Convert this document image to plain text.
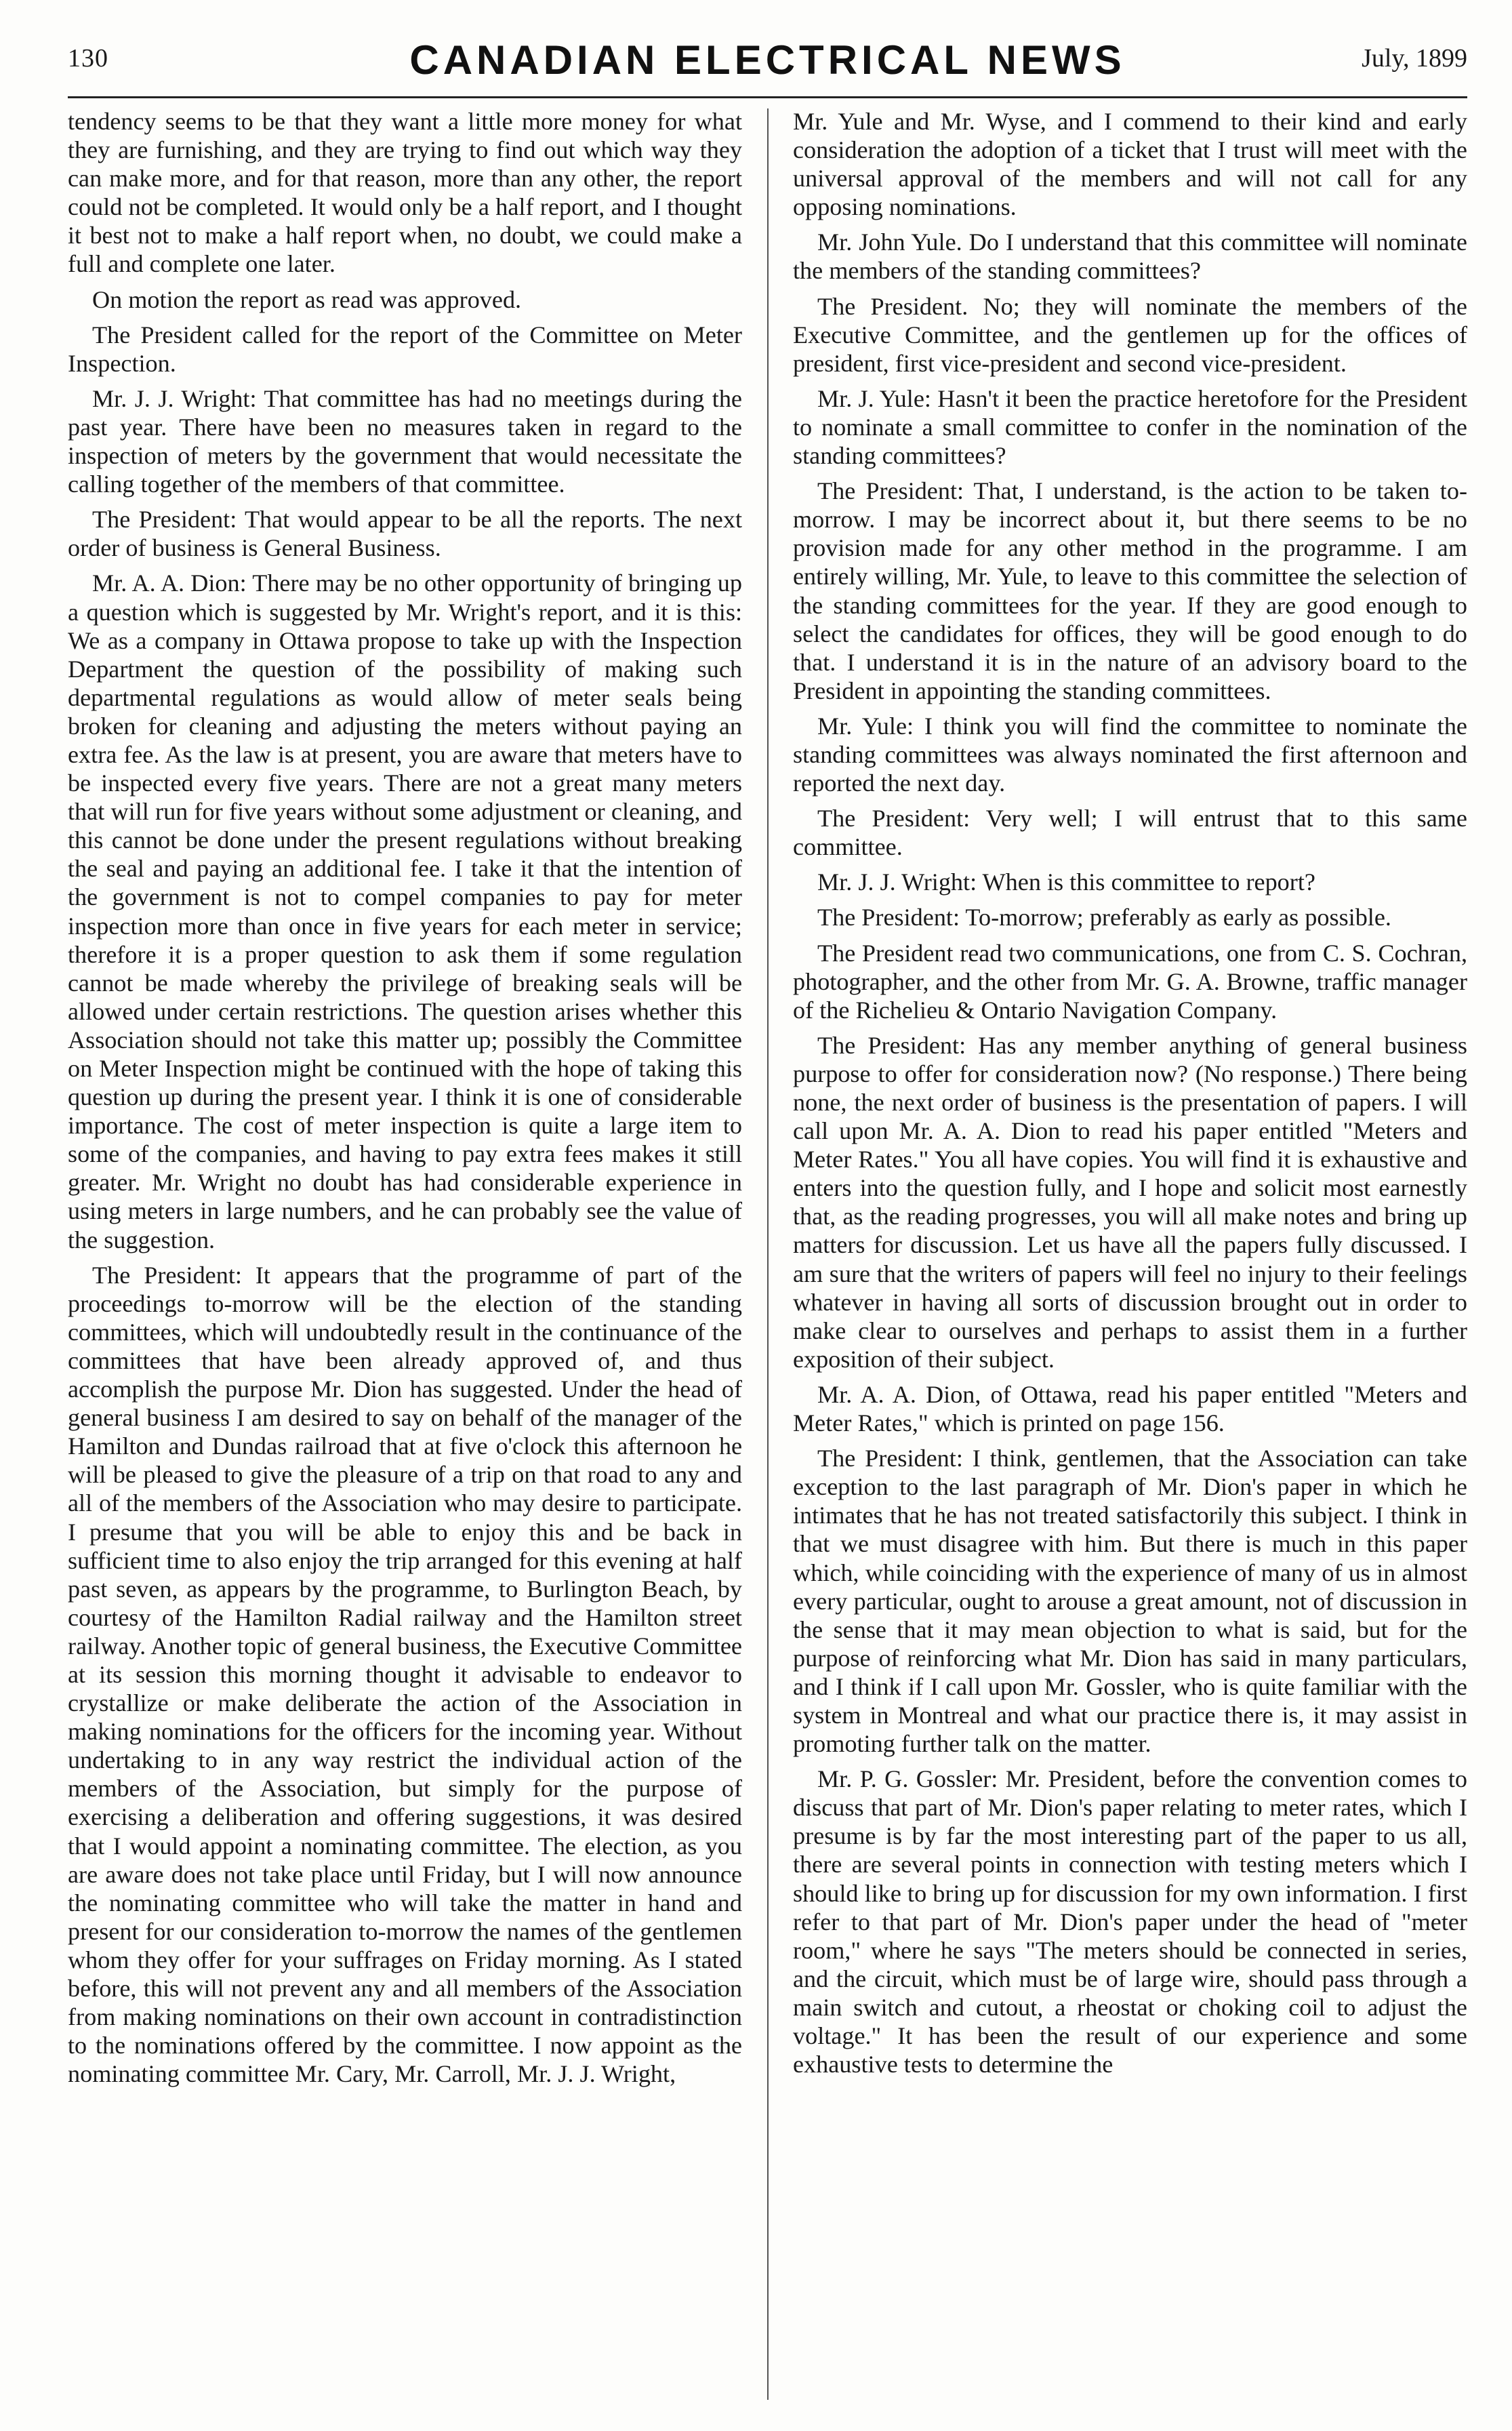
130	CANADIAN ELECTRICAL NEWS	July, 1899

tendency seems to be that they want a little more money for what they are furnishing, and they are trying to find out which way they can make more, and for that reason, more than any other, the report could not be completed. It would only be a half report, and I thought it best not to make a half report when, no doubt, we could make a full and complete one later.

On motion the report as read was approved.

The President called for the report of the Committee on Meter Inspection.

Mr. J. J. Wright: That committee has had no meetings during the past year. There have been no measures taken in regard to the inspection of meters by the government that would necessitate the calling together of the members of that committee.

The President: That would appear to be all the reports. The next order of business is General Business.

Mr. A. A. Dion: There may be no other opportunity of bringing up a question which is suggested by Mr. Wright's report, and it is this: We as a company in Ottawa propose to take up with the Inspection Department the question of the possibility of making such departmental regulations as would allow of meter seals being broken for cleaning and adjusting the meters without paying an extra fee. As the law is at present, you are aware that meters have to be inspected every five years. There are not a great many meters that will run for five years without some adjustment or cleaning, and this cannot be done under the present regulations without breaking the seal and paying an additional fee. I take it that the intention of the government is not to compel companies to pay for meter inspection more than once in five years for each meter in service; therefore it is a proper question to ask them if some regulation cannot be made whereby the privilege of breaking seals will be allowed under certain restrictions. The question arises whether this Association should not take this matter up; possibly the Committee on Meter Inspection might be continued with the hope of taking this question up during the present year. I think it is one of considerable importance. The cost of meter inspection is quite a large item to some of the companies, and having to pay extra fees makes it still greater. Mr. Wright no doubt has had considerable experience in using meters in large numbers, and he can probably see the value of the suggestion.

The President: It appears that the programme of part of the proceedings to-morrow will be the election of the standing committees, which will undoubtedly result in the continuance of the committees that have been already approved of, and thus accomplish the purpose Mr. Dion has suggested. Under the head of general business I am desired to say on behalf of the manager of the Hamilton and Dundas railroad that at five o'clock this afternoon he will be pleased to give the pleasure of a trip on that road to any and all of the members of the Association who may desire to participate. I presume that you will be able to enjoy this and be back in sufficient time to also enjoy the trip arranged for this evening at half past seven, as appears by the programme, to Burlington Beach, by courtesy of the Hamilton Radial railway and the Hamilton street railway. Another topic of general business, the Executive Committee at its session this morning thought it advisable to endeavor to crystallize or make deliberate the action of the Association in making nominations for the officers for the incoming year. Without undertaking to in any way restrict the individual action of the members of the Association, but simply for the purpose of exercising a deliberation and offering suggestions, it was desired that I would appoint a nominating committee. The election, as you are aware does not take place until Friday, but I will now announce the nominating committee who will take the matter in hand and present for our consideration to-morrow the names of the gentlemen whom they offer for your suffrages on Friday morning. As I stated before, this will not prevent any and all members of the Association from making nominations on their own account in contradistinction to the nominations offered by the committee. I now appoint as the nominating committee Mr. Cary, Mr. Carroll, Mr. J. J. Wright,

Mr. Yule and Mr. Wyse, and I commend to their kind and early consideration the adoption of a ticket that I trust will meet with the universal approval of the members and will not call for any opposing nominations.

Mr. John Yule. Do I understand that this committee will nominate the members of the standing committees?

The President. No; they will nominate the members of the Executive Committee, and the gentlemen up for the offices of president, first vice-president and second vice-president.

Mr. J. Yule: Hasn't it been the practice heretofore for the President to nominate a small committee to confer in the nomination of the standing committees?

The President: That, I understand, is the action to be taken to-morrow. I may be incorrect about it, but there seems to be no provision made for any other method in the programme. I am entirely willing, Mr. Yule, to leave to this committee the selection of the standing committees for the year. If they are good enough to select the candidates for offices, they will be good enough to do that. I understand it is in the nature of an advisory board to the President in appointing the standing committees.

Mr. Yule: I think you will find the committee to nominate the standing committees was always nominated the first afternoon and reported the next day.

The President: Very well; I will entrust that to this same committee.

Mr. J. J. Wright: When is this committee to report?

The President: To-morrow; preferably as early as possible.

The President read two communications, one from C. S. Cochran, photographer, and the other from Mr. G. A. Browne, traffic manager of the Richelieu & Ontario Navigation Company.

The President: Has any member anything of general business purpose to offer for consideration now? (No response.) There being none, the next order of business is the presentation of papers. I will call upon Mr. A. A. Dion to read his paper entitled "Meters and Meter Rates." You all have copies. You will find it is exhaustive and enters into the question fully, and I hope and solicit most earnestly that, as the reading progresses, you will all make notes and bring up matters for discussion. Let us have all the papers fully discussed. I am sure that the writers of papers will feel no injury to their feelings whatever in having all sorts of discussion brought out in order to make clear to ourselves and perhaps to assist them in a further exposition of their subject.

Mr. A. A. Dion, of Ottawa, read his paper entitled "Meters and Meter Rates," which is printed on page 156.

The President: I think, gentlemen, that the Association can take exception to the last paragraph of Mr. Dion's paper in which he intimates that he has not treated satisfactorily this subject. I think in that we must disagree with him. But there is much in this paper which, while coinciding with the experience of many of us in almost every particular, ought to arouse a great amount, not of discussion in the sense that it may mean objection to what is said, but for the purpose of reinforcing what Mr. Dion has said in many particulars, and I think if I call upon Mr. Gossler, who is quite familiar with the system in Montreal and what our practice there is, it may assist in promoting further talk on the matter.

Mr. P. G. Gossler: Mr. President, before the convention comes to discuss that part of Mr. Dion's paper relating to meter rates, which I presume is by far the most interesting part of the paper to us all, there are several points in connection with testing meters which I should like to bring up for discussion for my own information. I first refer to that part of Mr. Dion's paper under the head of "meter room," where he says "The meters should be connected in series, and the circuit, which must be of large wire, should pass through a main switch and cutout, a rheostat or choking coil to adjust the voltage." It has been the result of our experience and some exhaustive tests to determine the
